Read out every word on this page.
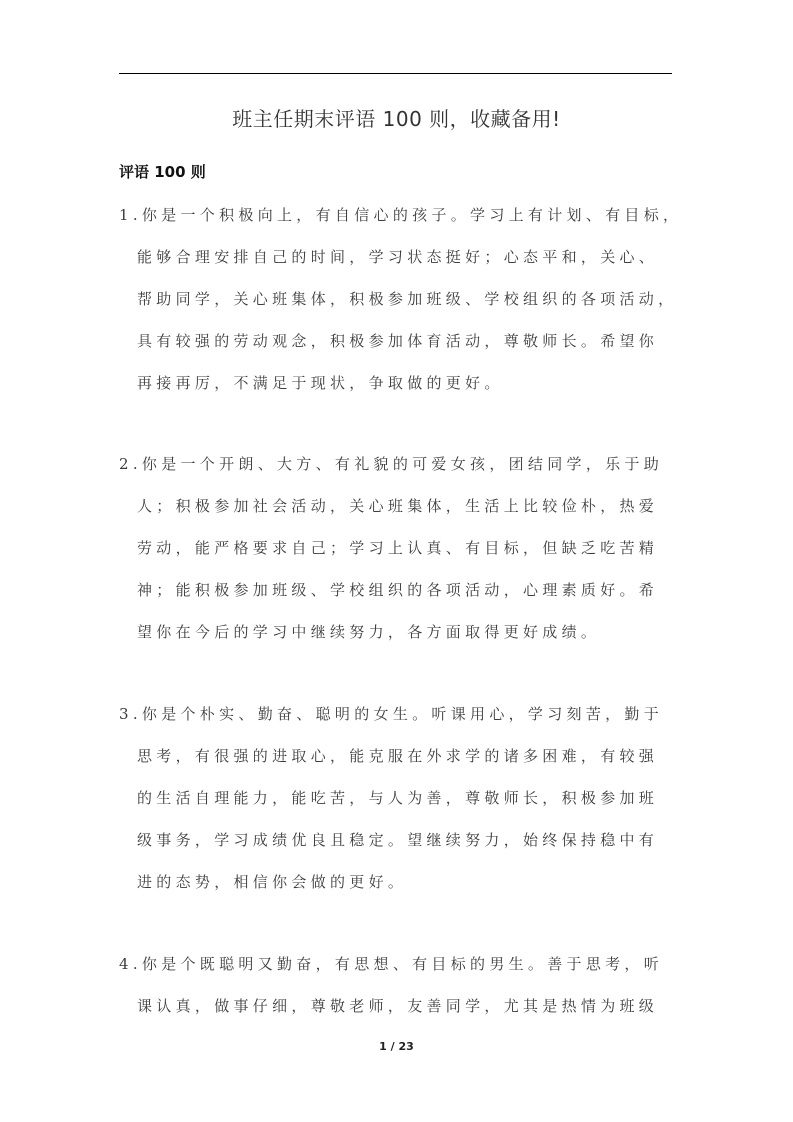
班主任期末评语 100 则，收藏备用!
评语 100 则
1.你是一个积极向上，有自信心的孩子。学习上有计划、有目标，
能够合理安排自己的时间，学习状态挺好；心态平和，关心、
帮助同学，关心班集体，积极参加班级、学校组织的各项活动，
具有较强的劳动观念，积极参加体育活动，尊敬师长。希望你
再接再厉，不满足于现状，争取做的更好。
2.你是一个开朗、大方、有礼貌的可爱女孩，团结同学，乐于助
人；积极参加社会活动，关心班集体，生活上比较俭朴，热爱
劳动，能严格要求自己；学习上认真、有目标，但缺乏吃苦精
神；能积极参加班级、学校组织的各项活动，心理素质好。希
望你在今后的学习中继续努力，各方面取得更好成绩。
3.你是个朴实、勤奋、聪明的女生。听课用心，学习刻苦，勤于
思考，有很强的进取心，能克服在外求学的诸多困难，有较强
的生活自理能力，能吃苦，与人为善，尊敬师长，积极参加班
级事务，学习成绩优良且稳定。望继续努力，始终保持稳中有
进的态势，相信你会做的更好。
4.你是个既聪明又勤奋，有思想、有目标的男生。善于思考，听
课认真，做事仔细，尊敬老师，友善同学，尤其是热情为班级
1 / 23
